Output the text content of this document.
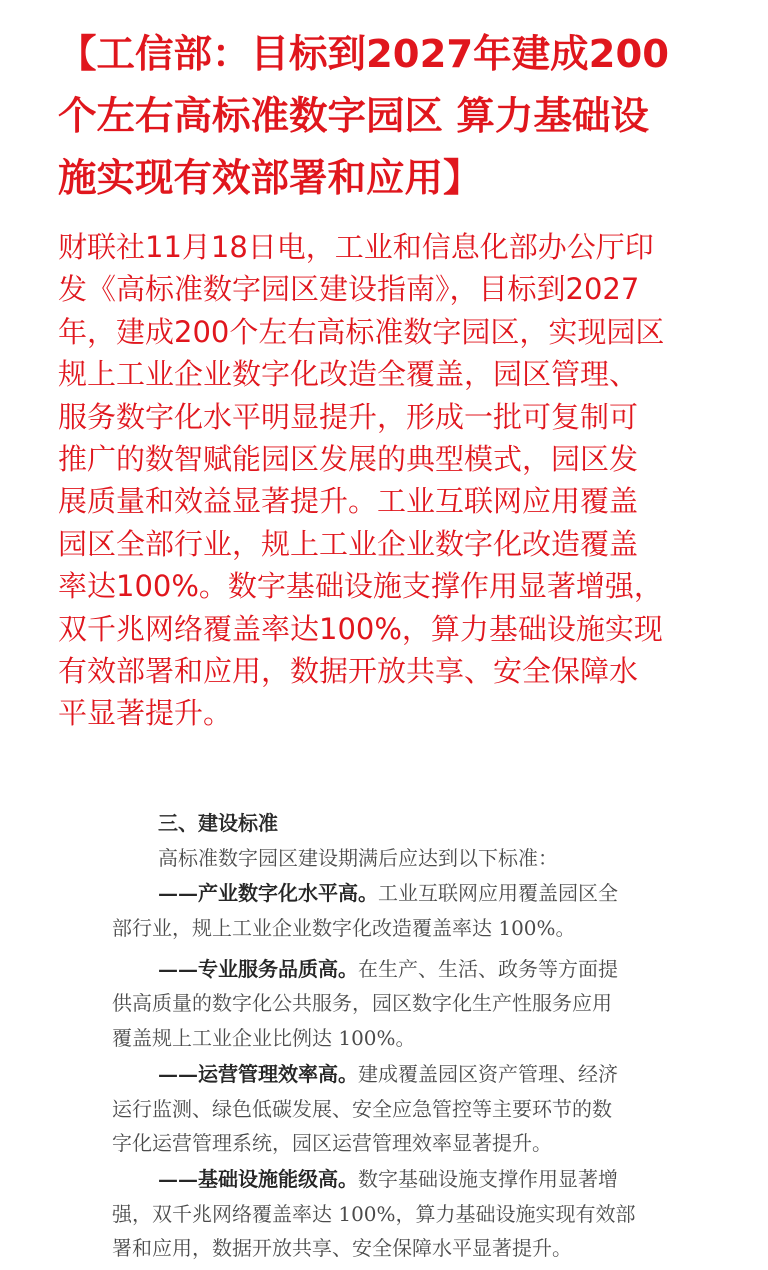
【工信部：目标到2027年建成200
个左右高标准数字园区 算力基础设
施实现有效部署和应用】

财联社11月18日电，工业和信息化部办公厅印
发《高标准数字园区建设指南》，目标到2027
年，建成200个左右高标准数字园区，实现园区
规上工业企业数字化改造全覆盖，园区管理、
服务数字化水平明显提升，形成一批可复制可
推广的数智赋能园区发展的典型模式，园区发
展质量和效益显著提升。工业互联网应用覆盖
园区全部行业，规上工业企业数字化改造覆盖
率达100%。数字基础设施支撑作用显著增强，
双千兆网络覆盖率达100%，算力基础设施实现
有效部署和应用，数据开放共享、安全保障水
平显著提升。

三、建设标准
高标准数字园区建设期满后应达到以下标准：
——产业数字化水平高。工业互联网应用覆盖园区全
部行业，规上工业企业数字化改造覆盖率达 100%。
——专业服务品质高。在生产、生活、政务等方面提
供高质量的数字化公共服务，园区数字化生产性服务应用
覆盖规上工业企业比例达 100%。
——运营管理效率高。建成覆盖园区资产管理、经济
运行监测、绿色低碳发展、安全应急管控等主要环节的数
字化运营管理系统，园区运营管理效率显著提升。
——基础设施能级高。数字基础设施支撑作用显著增
强，双千兆网络覆盖率达 100%，算力基础设施实现有效部
署和应用，数据开放共享、安全保障水平显著提升。
